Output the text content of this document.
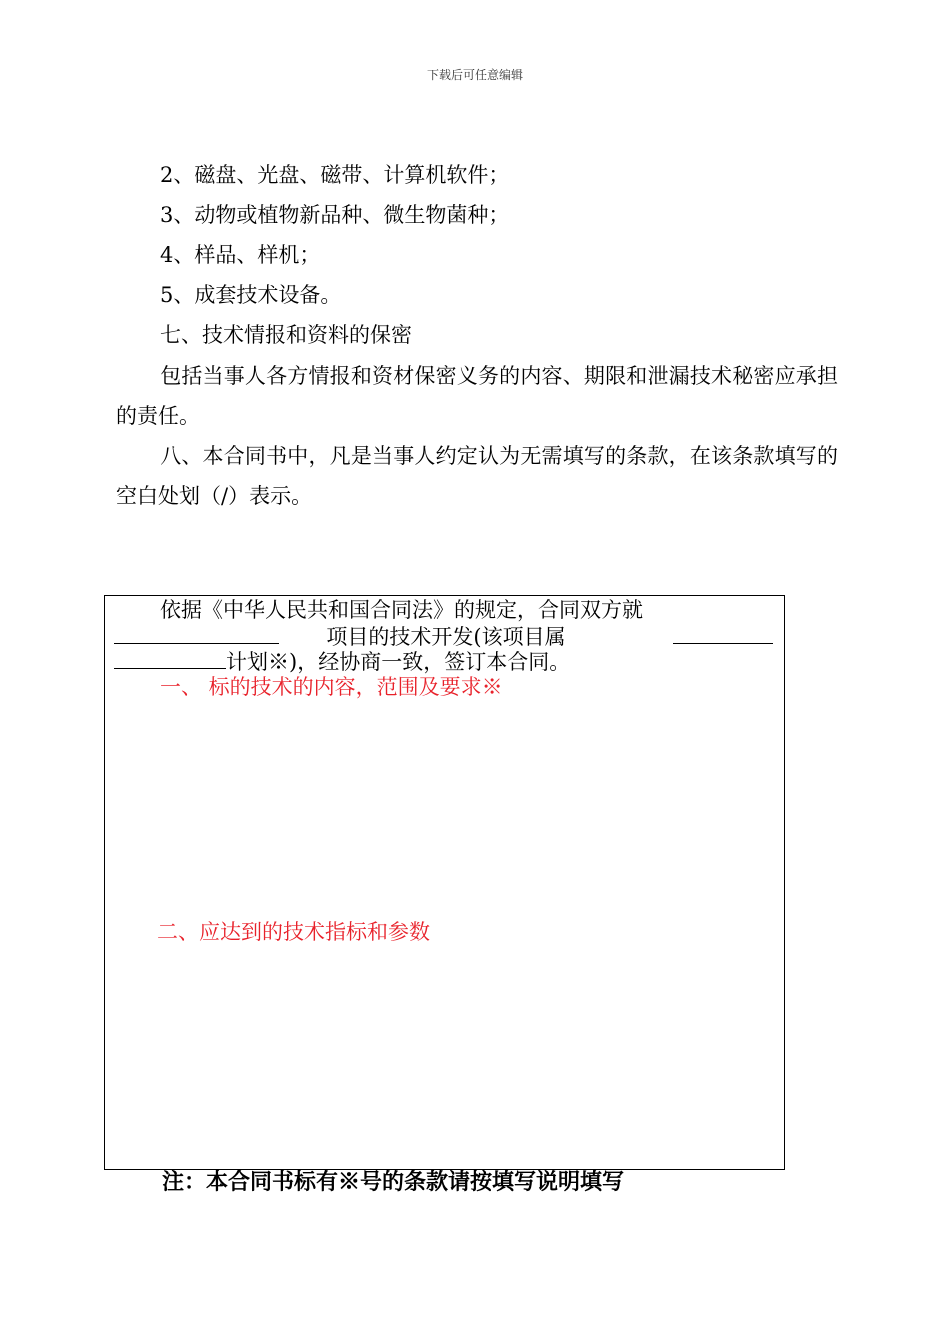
下载后可任意编辑
2、磁盘、光盘、磁带、计算机软件；
3、动物或植物新品种、微生物菌种；
4、样品、样机；
5、成套技术设备。
七、技术情报和资料的保密
包括当事人各方情报和资材保密义务的内容、期限和泄漏技术秘密应承担的责任。
八、本合同书中，凡是当事人约定认为无需填写的条款，在该条款填写的空白处划（/）表示。
依据《中华人民共和国合同法》的规定，合同双方就
项目的技术开发(该项目属
计划※)，经协商一致，签订本合同。
一、 标的技术的内容，范围及要求※
二、应达到的技术指标和参数
注：本合同书标有※号的条款请按填写说明填写
